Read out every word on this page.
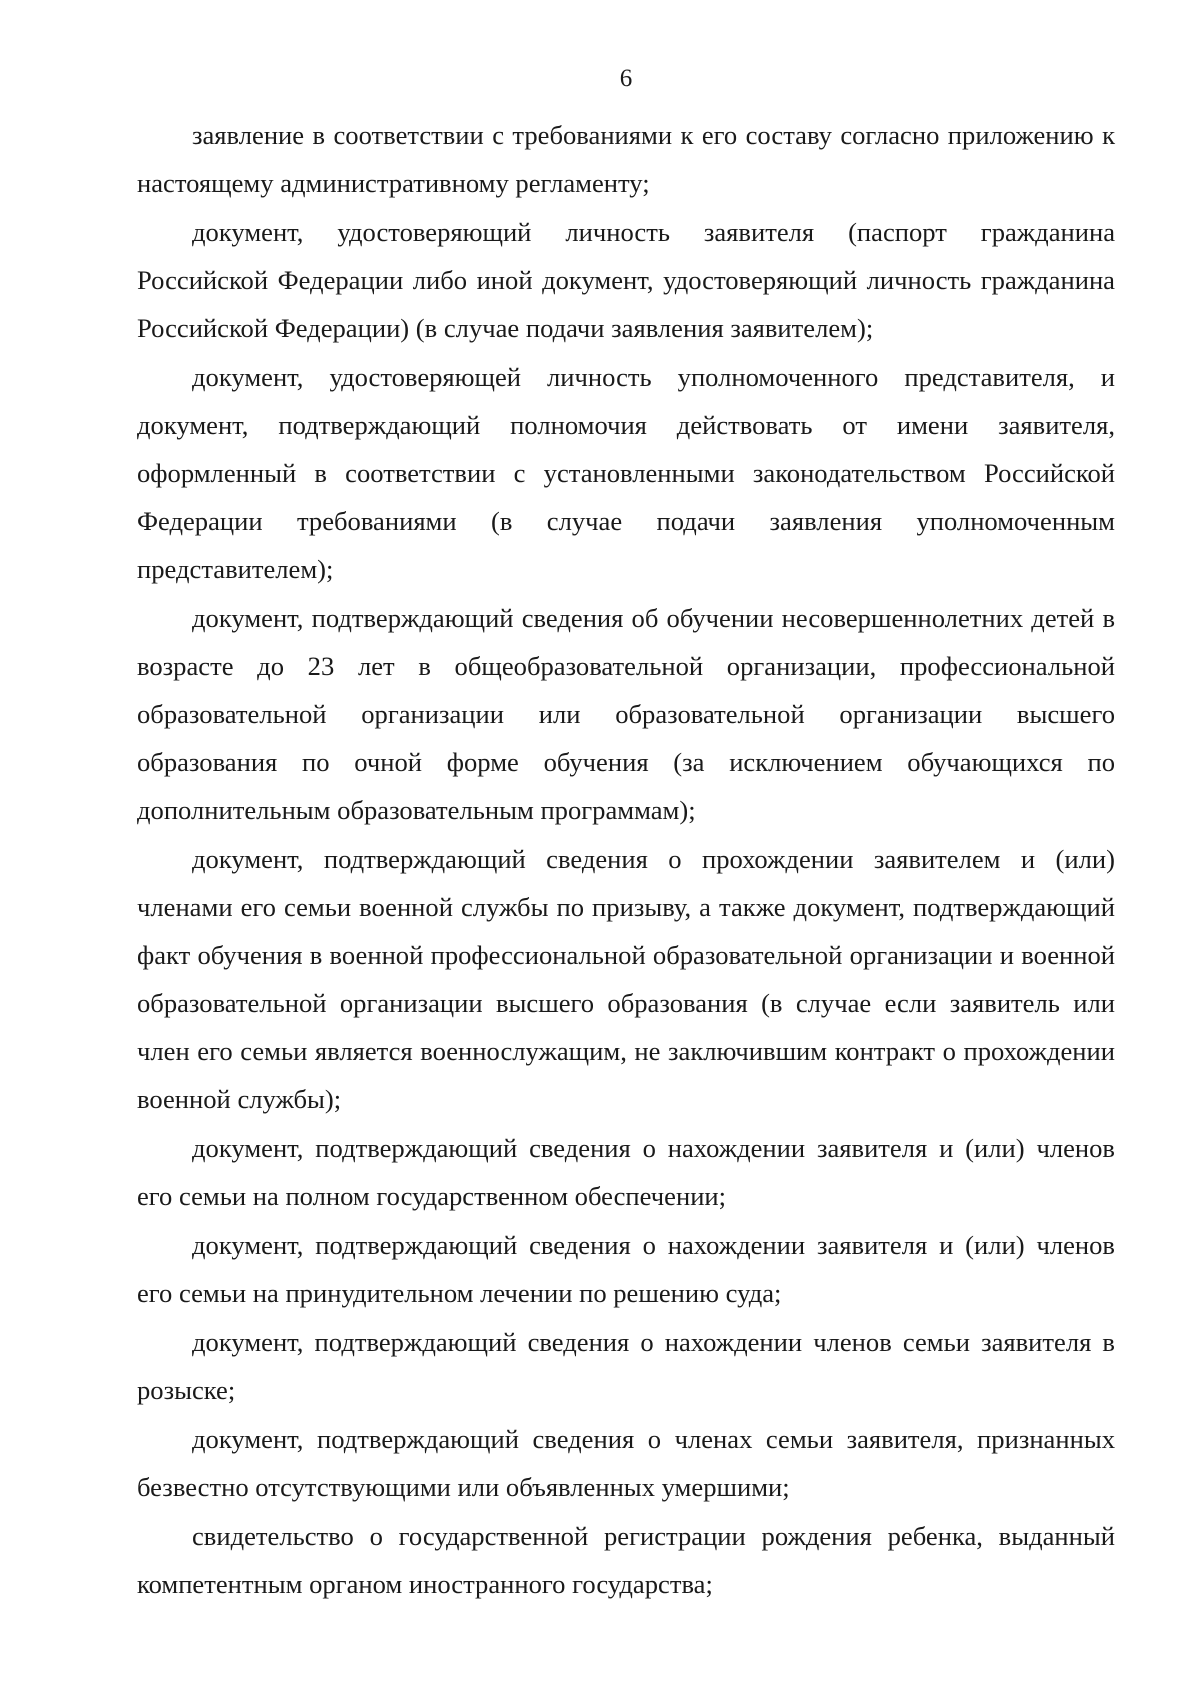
6

заявление в соответствии с требованиями к его составу согласно приложению к настоящему административному регламенту;

документ, удостоверяющий личность заявителя (паспорт гражданина Российской Федерации либо иной документ, удостоверяющий личность гражданина Российской Федерации) (в случае подачи заявления заявителем);

документ, удостоверяющей личность уполномоченного представителя, и документ, подтверждающий полномочия действовать от имени заявителя, оформленный в соответствии с установленными законодательством Российской Федерации требованиями (в случае подачи заявления уполномоченным представителем);

документ, подтверждающий сведения об обучении несовершеннолетних детей в возрасте до 23 лет в общеобразовательной организации, профессиональной образовательной организации или образовательной организации высшего образования по очной форме обучения (за исключением обучающихся по дополнительным образовательным программам);

документ, подтверждающий сведения о прохождении заявителем и (или) членами его семьи военной службы по призыву, а также документ, подтверждающий факт обучения в военной профессиональной образовательной организации и военной образовательной организации высшего образования (в случае если заявитель или член его семьи является военнослужащим, не заключившим контракт о прохождении военной службы);

документ, подтверждающий сведения о нахождении заявителя и (или) членов его семьи на полном государственном обеспечении;

документ, подтверждающий сведения о нахождении заявителя и (или) членов его семьи на принудительном лечении по решению суда;

документ, подтверждающий сведения о нахождении членов семьи заявителя в розыске;

документ, подтверждающий сведения о членах семьи заявителя, признанных безвестно отсутствующими или объявленных умершими;

свидетельство о государственной регистрации рождения ребенка, выданный компетентным органом иностранного государства;
